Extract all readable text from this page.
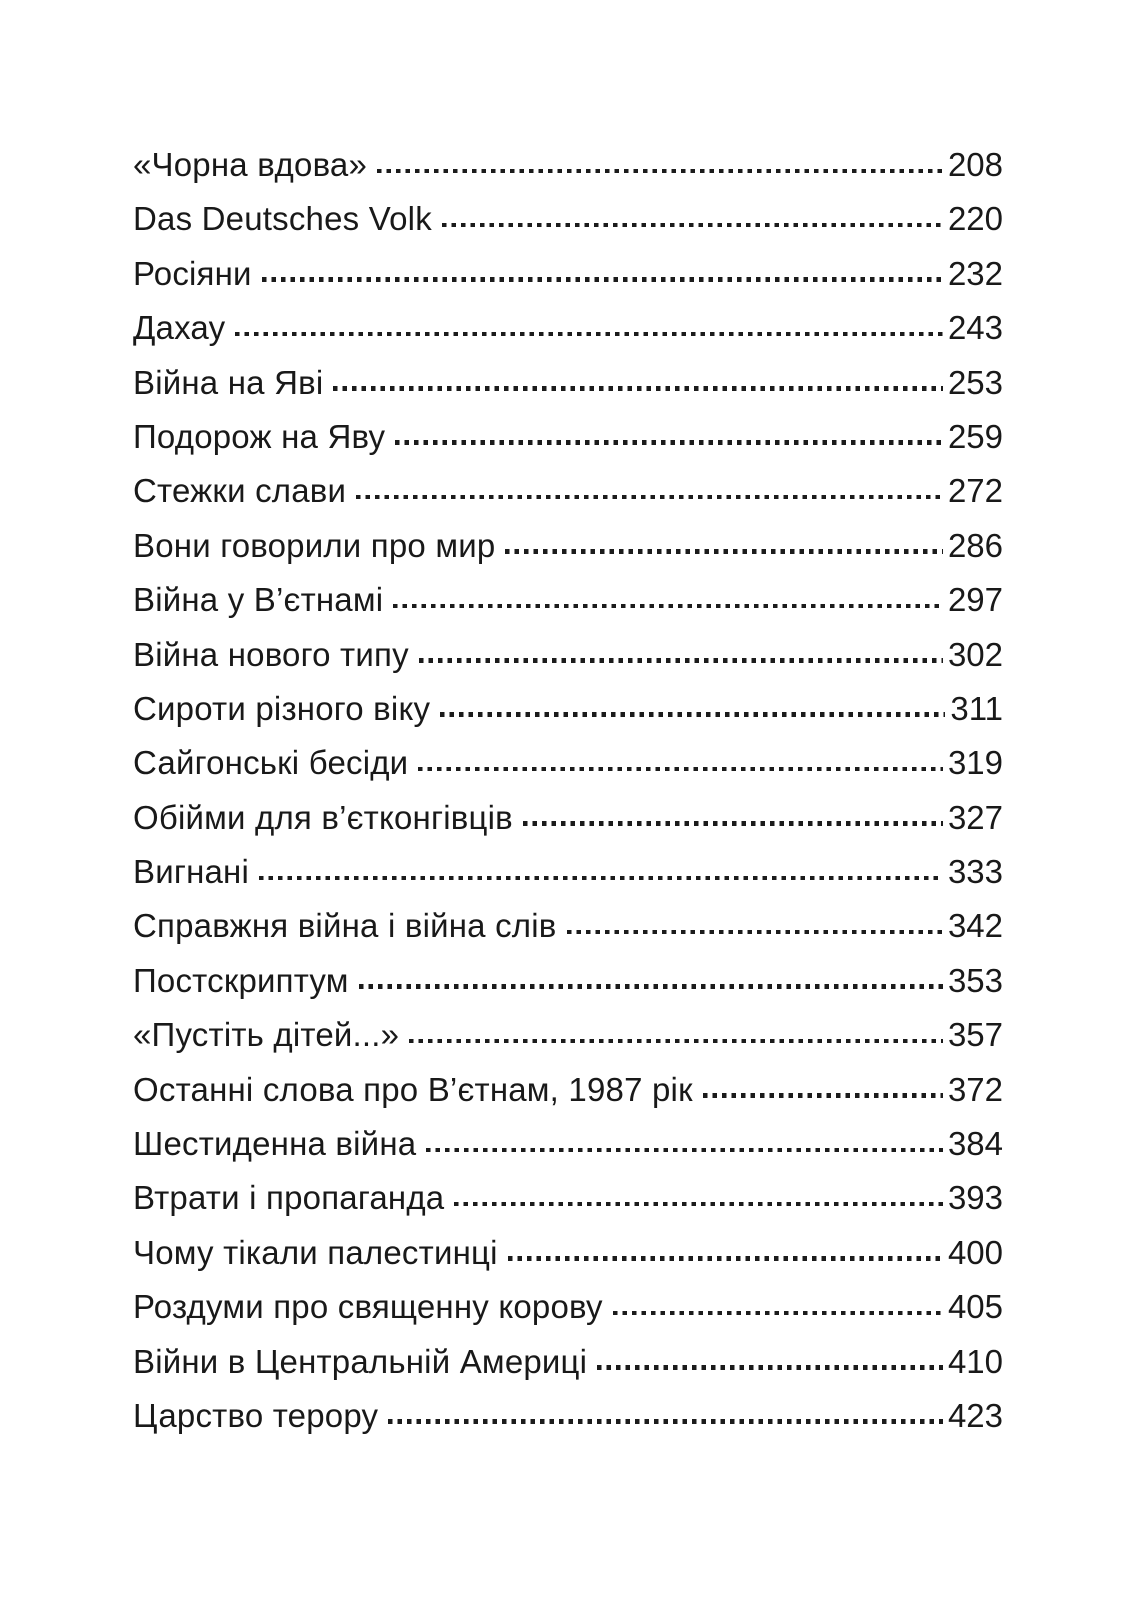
«Чорна вдова»	208
Das Deutsches Volk	220
Росіяни	232
Дахау	243
Війна на Яві	253
Подорож на Яву	259
Стежки слави	272
Вони говорили про мир	286
Війна у В’єтнамі	297
Війна нового типу	302
Сироти різного віку	311
Сайгонські бесіди	319
Обійми для в’єтконгівців	327
Вигнані	333
Справжня війна і війна слів	342
Постскриптум	353
«Пустіть дітей...»	357
Останні слова про В’єтнам, 1987 рік	372
Шестиденна війна	384
Втрати і пропаганда	393
Чому тікали палестинці	400
Роздуми про священну корову	405
Війни в Центральній Америці	410
Царство терору	423
